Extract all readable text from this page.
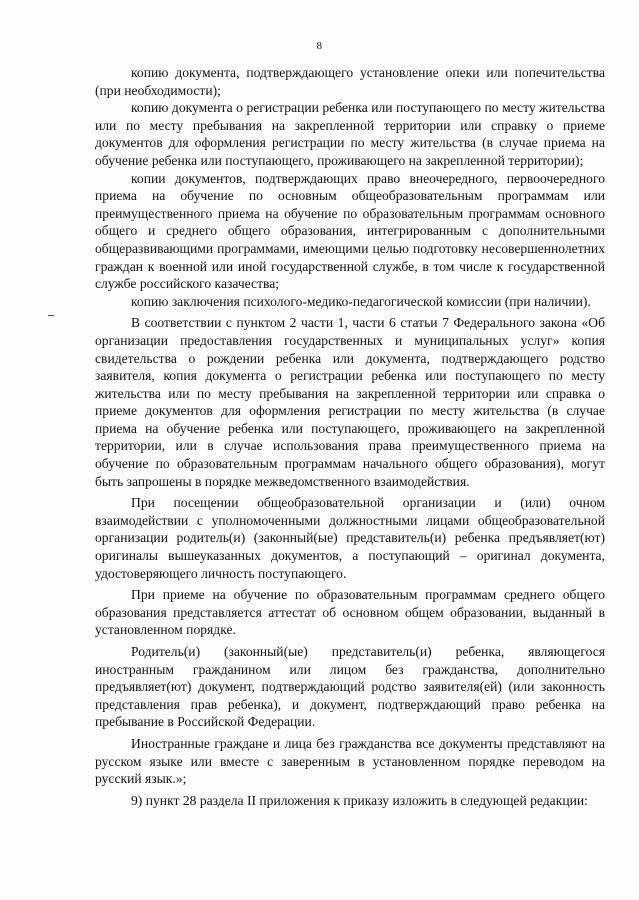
8

копию документа, подтверждающего установление опеки или попечительства (при необходимости);

копию документа о регистрации ребенка или поступающего по месту жительства или по месту пребывания на закрепленной территории или справку о приеме документов для оформления регистрации по месту жительства (в случае приема на обучение ребенка или поступающего, проживающего на закрепленной территории);

копии документов, подтверждающих право внеочередного, первоочередного приема на обучение по основным общеобразовательным программам или преимущественного приема на обучение по образовательным программам основного общего и среднего общего образования, интегрированным с дополнительными общеразвивающими программами, имеющими целью подготовку несовершеннолетних граждан к военной или иной государственной службе, в том числе к государственной службе российского казачества;

копию заключения психолого-медико-педагогической комиссии (при наличии).

В соответствии с пунктом 2 части 1, части 6 статьи 7 Федерального закона «Об организации предоставления государственных и муниципальных услуг» копия свидетельства о рождении ребенка или документа, подтверждающего родство заявителя, копия документа о регистрации ребенка или поступающего по месту жительства или по месту пребывания на закрепленной территории или справка о приеме документов для оформления регистрации по месту жительства (в случае приема на обучение ребенка или поступающего, проживающего на закрепленной территории, или в случае использования права преимущественного приема на обучение по образовательным программам начального общего образования), могут быть запрошены в порядке межведомственного взаимодействия.

При посещении общеобразовательной организации и (или) очном взаимодействии с уполномоченными должностными лицами общеобразовательной организации родитель(и) (законный(ые) представитель(и) ребенка предъявляет(ют) оригиналы вышеуказанных документов, а поступающий – оригинал документа, удостоверяющего личность поступающего.

При приеме на обучение по образовательным программам среднего общего образования представляется аттестат об основном общем образовании, выданный в установленном порядке.

Родитель(и) (законный(ые) представитель(и) ребенка, являющегося иностранным гражданином или лицом без гражданства, дополнительно предъявляет(ют) документ, подтверждающий родство заявителя(ей) (или законность представления прав ребенка), и документ, подтверждающий право ребенка на пребывание в Российской Федерации.

Иностранные граждане и лица без гражданства все документы представляют на русском языке или вместе с заверенным в установленном порядке переводом на русский язык.»;

9) пункт 28 раздела II приложения к приказу изложить в следующей редакции:
